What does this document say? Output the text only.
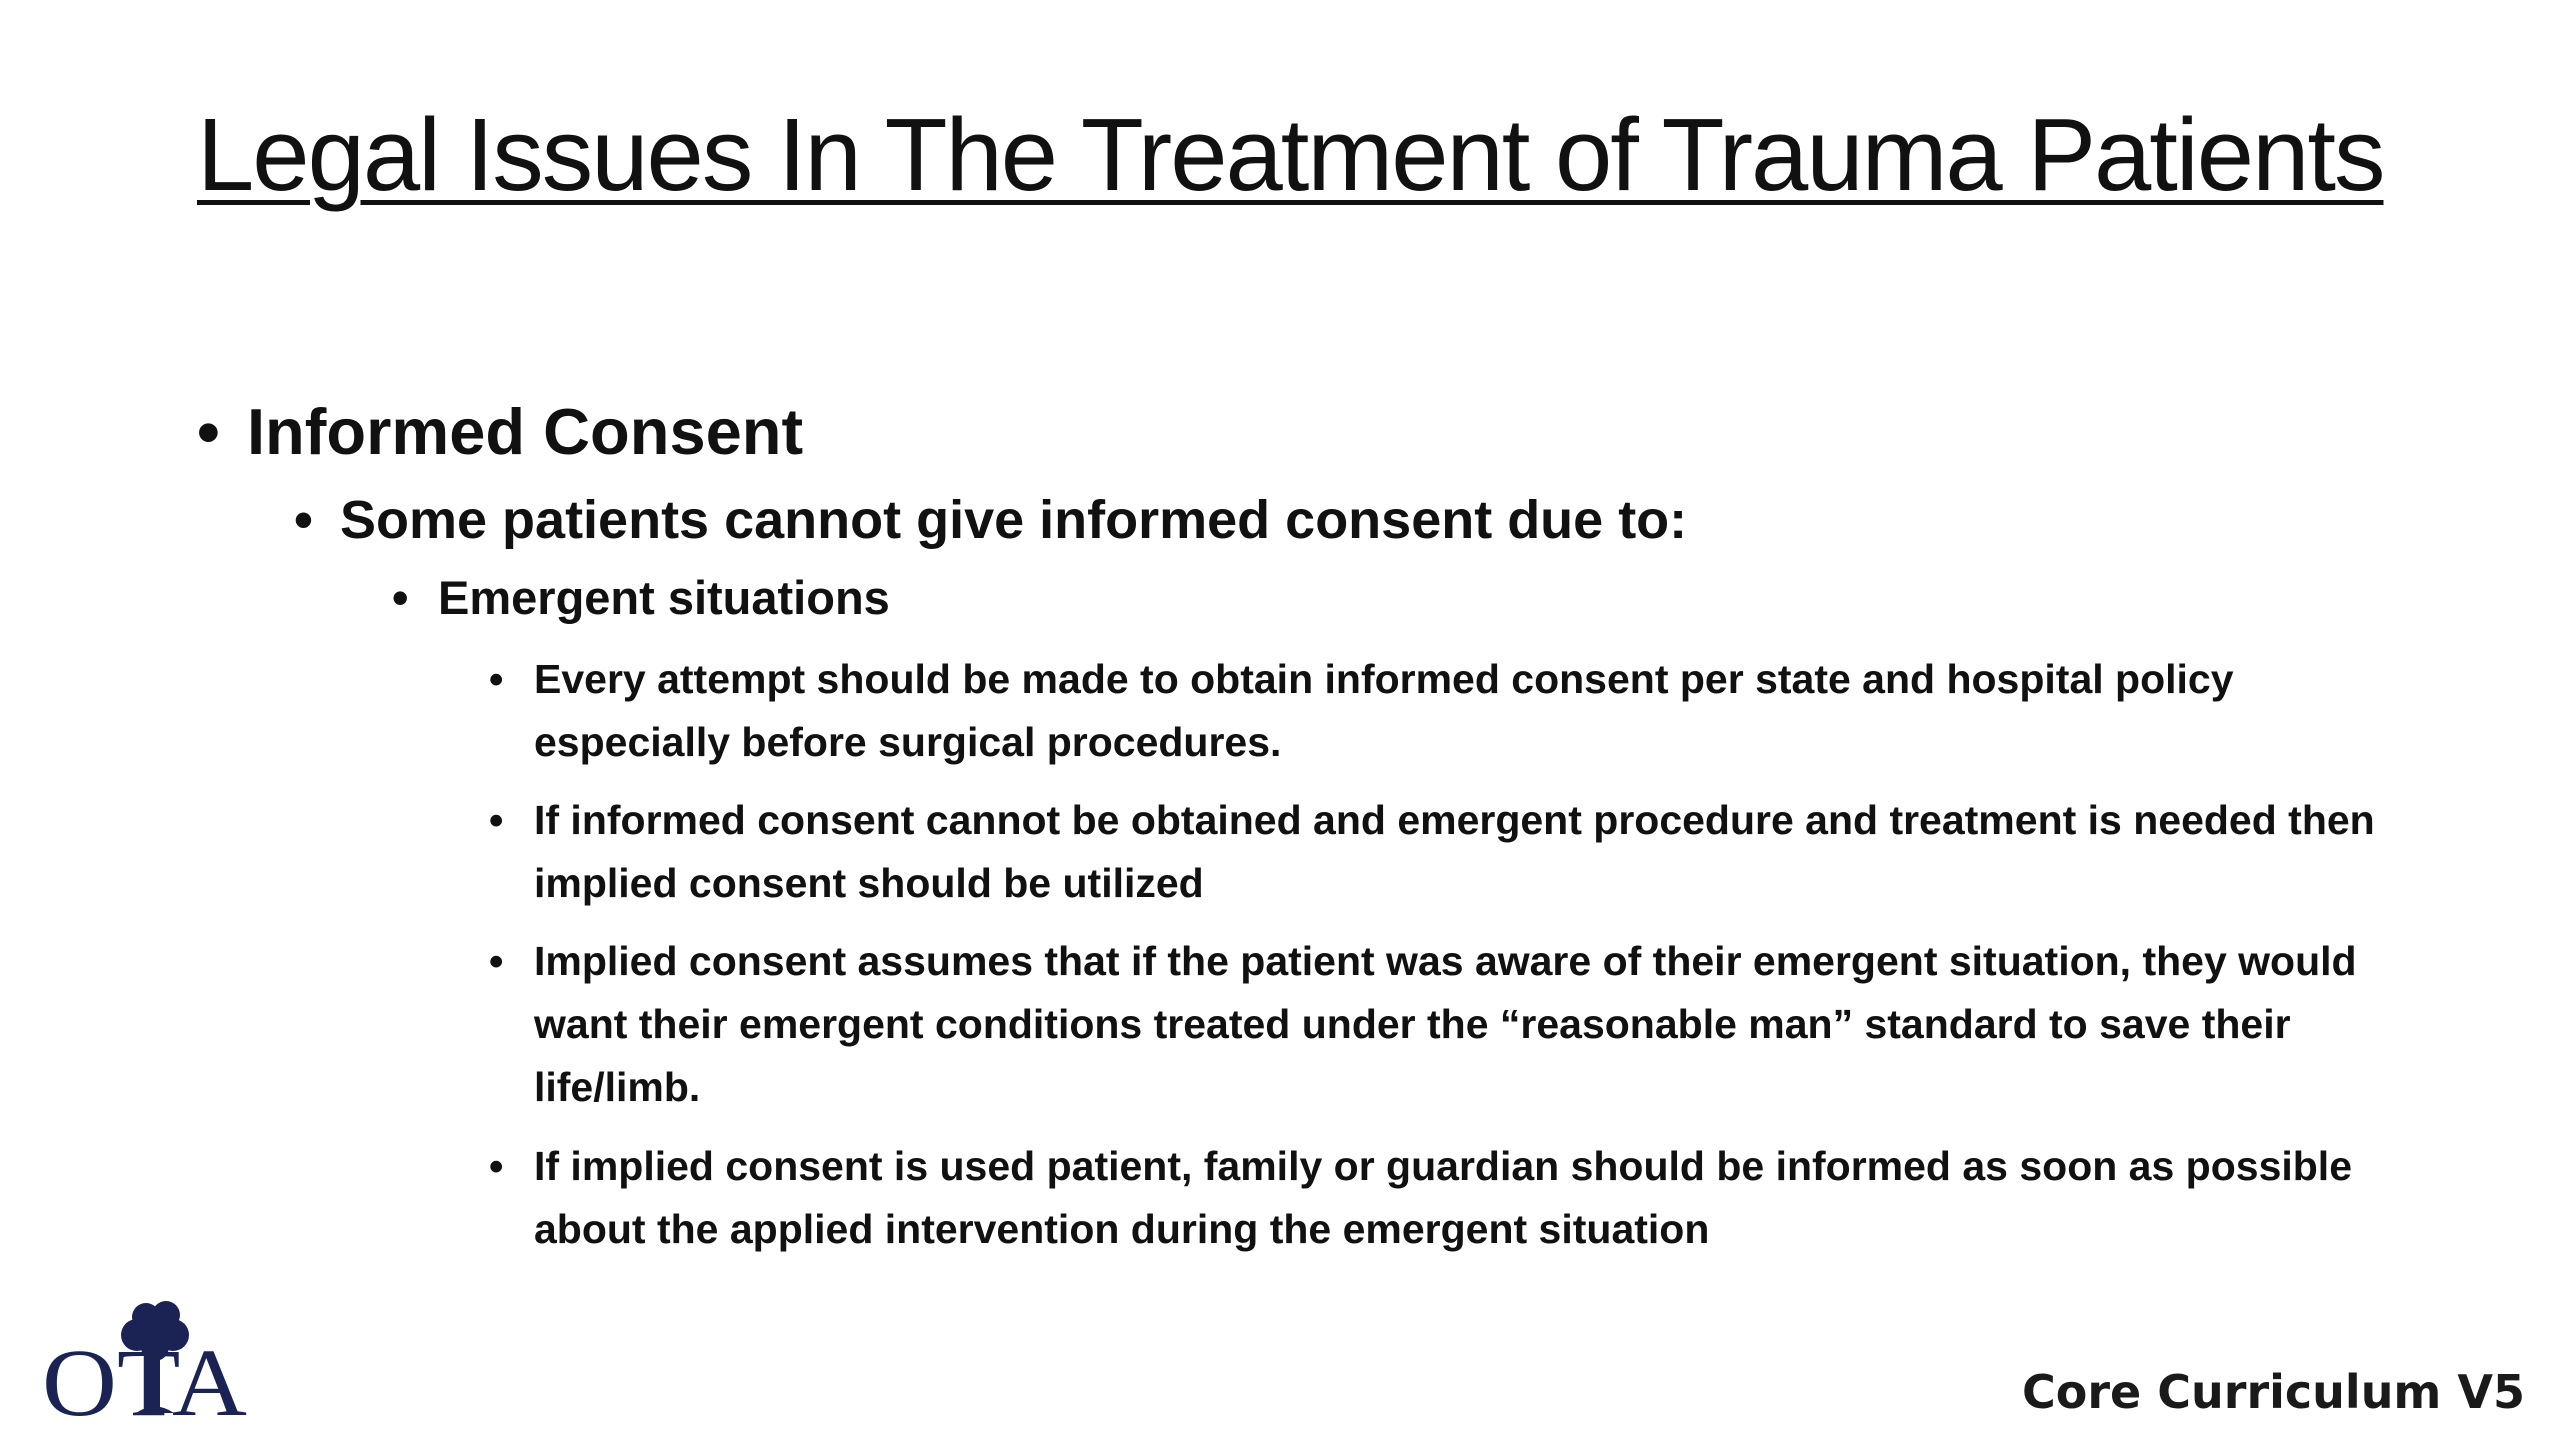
Legal Issues In The Treatment of Trauma Patients
• Informed Consent
• Some patients cannot give informed consent due to:
• Emergent situations
• Every attempt should be made to obtain informed consent per state and hospital policy especially before surgical procedures.
• If informed consent cannot be obtained and emergent procedure and treatment is needed then implied consent should be utilized
• Implied consent assumes that if the patient was aware of their emergent situation, they would want their emergent conditions treated under the “reasonable man” standard to save their life/limb.
• If implied consent is used patient, family or guardian should be informed as soon as possible about the applied intervention during the emergent situation
OTA	Core Curriculum V5
